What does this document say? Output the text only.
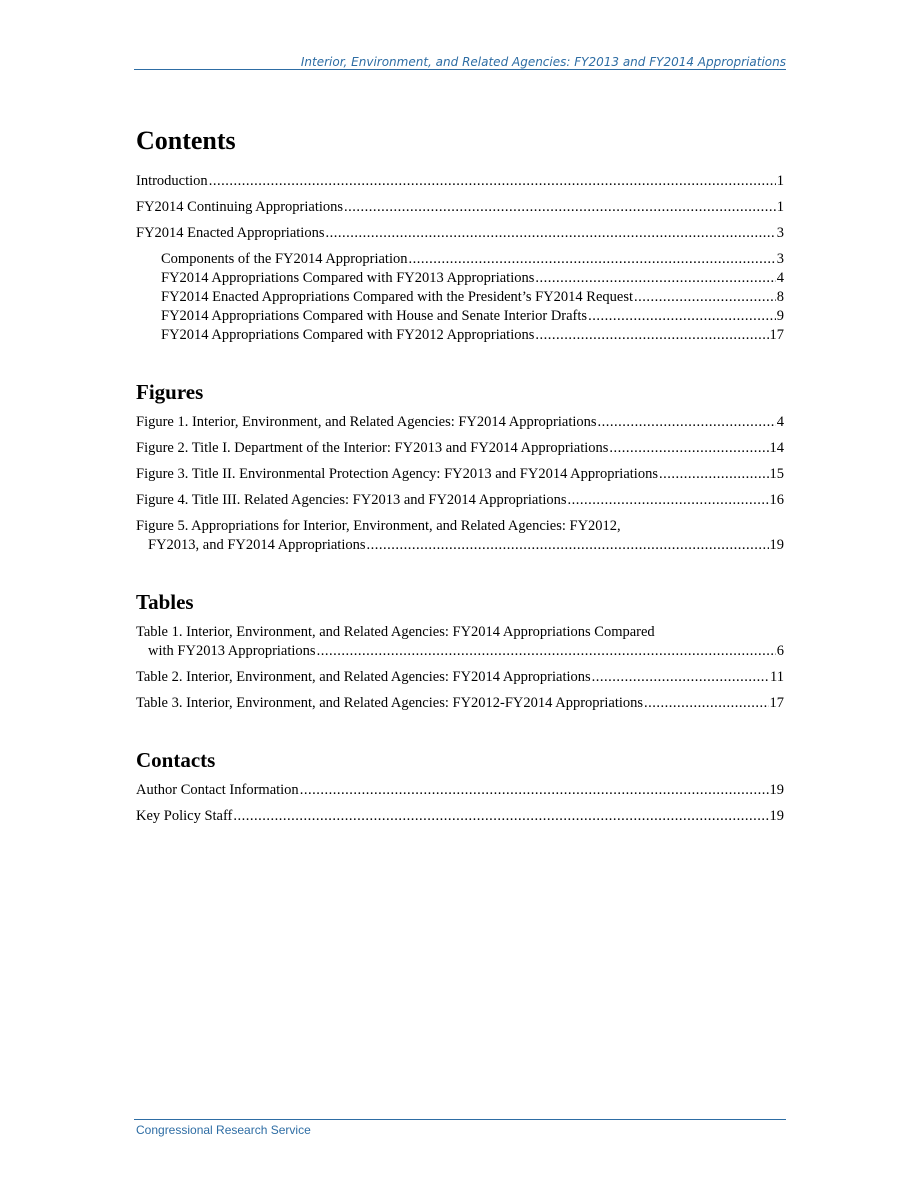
Interior, Environment, and Related Agencies: FY2013 and FY2014 Appropriations
Contents
Introduction .....	1
FY2014 Continuing Appropriations .....	1
FY2014 Enacted Appropriations .....	3
Components of the FY2014 Appropriation .....	3
FY2014 Appropriations Compared with FY2013 Appropriations .....	4
FY2014 Enacted Appropriations Compared with the President’s FY2014 Request .....	8
FY2014 Appropriations Compared with House and Senate Interior Drafts .....	9
FY2014 Appropriations Compared with FY2012 Appropriations .....	17
Figures
Figure 1. Interior, Environment, and Related Agencies: FY2014 Appropriations .....	4
Figure 2. Title I. Department of the Interior: FY2013 and FY2014 Appropriations .....	14
Figure 3. Title II. Environmental Protection Agency: FY2013 and FY2014 Appropriations .....	15
Figure 4. Title III. Related Agencies: FY2013 and FY2014 Appropriations .....	16
Figure 5. Appropriations for Interior, Environment, and Related Agencies: FY2012,
FY2013, and FY2014 Appropriations .....	19
Tables
Table 1. Interior, Environment, and Related Agencies: FY2014 Appropriations Compared
with FY2013 Appropriations .....	6
Table 2. Interior, Environment, and Related Agencies: FY2014 Appropriations .....	11
Table 3. Interior, Environment, and Related Agencies: FY2012-FY2014 Appropriations .....	17
Contacts
Author Contact Information .....	19
Key Policy Staff .....	19
Congressional Research Service
